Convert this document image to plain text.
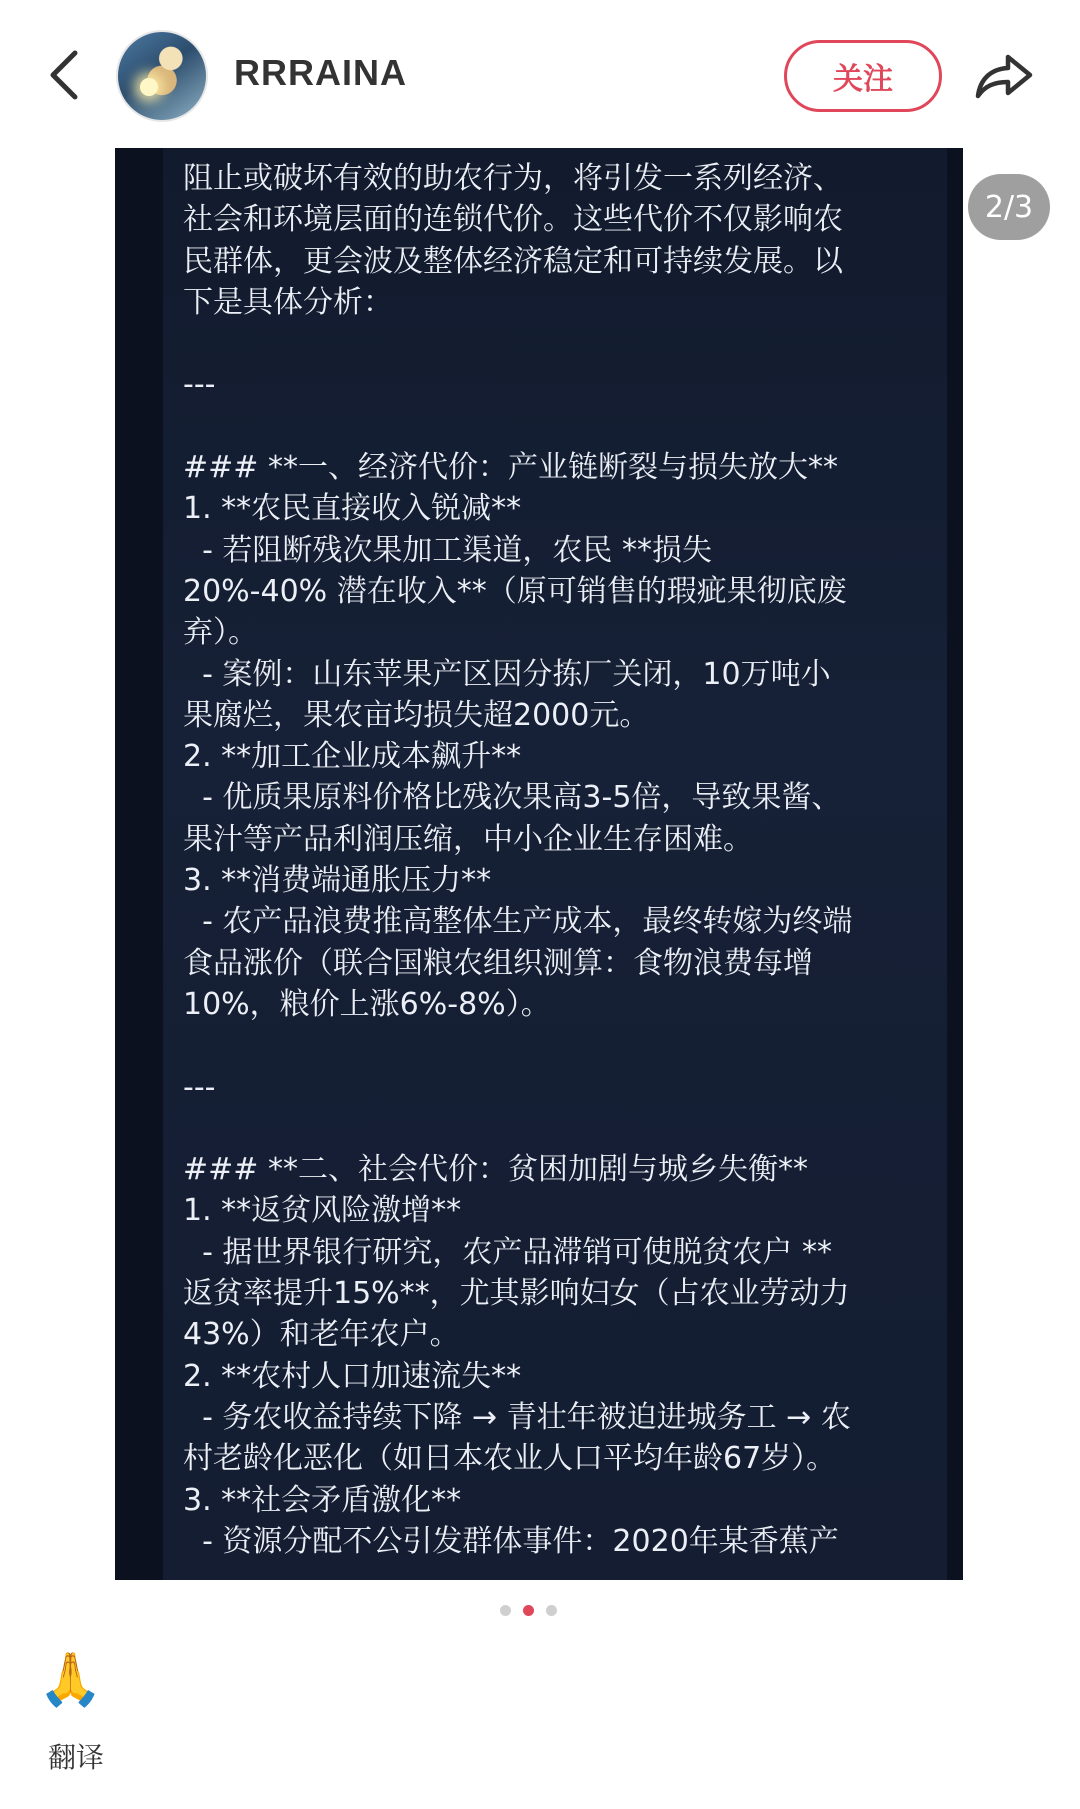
RRRAINA	关注
阻止或破坏有效的助农行为，将引发一系列经济、
社会和环境层面的连锁代价。这些代价不仅影响农
民群体，更会波及整体经济稳定和可持续发展。以
下是具体分析：
---
### **一、经济代价：产业链断裂与损失放大**
1. **农民直接收入锐减**
- 若阻断残次果加工渠道，农民 **损失
20%-40% 潜在收入**（原可销售的瑕疵果彻底废
弃）。
- 案例：山东苹果产区因分拣厂关闭，10万吨小
果腐烂，果农亩均损失超2000元。
2. **加工企业成本飙升**
- 优质果原料价格比残次果高3-5倍，导致果酱、
果汁等产品利润压缩，中小企业生存困难。
3. **消费端通胀压力**
- 农产品浪费推高整体生产成本，最终转嫁为终端
食品涨价（联合国粮农组织测算：食物浪费每增
10%，粮价上涨6%-8%）。
---
### **二、社会代价：贫困加剧与城乡失衡**
1. **返贫风险激增**
- 据世界银行研究，农产品滞销可使脱贫农户 **
返贫率提升15%**，尤其影响妇女（占农业劳动力
43%）和老年农户。
2. **农村人口加速流失**
- 务农收益持续下降 → 青壮年被迫进城务工 → 农
村老龄化恶化（如日本农业人口平均年龄67岁）。
3. **社会矛盾激化**
- 资源分配不公引发群体事件：2020年某香蕉产
2/3
🙏
翻译
